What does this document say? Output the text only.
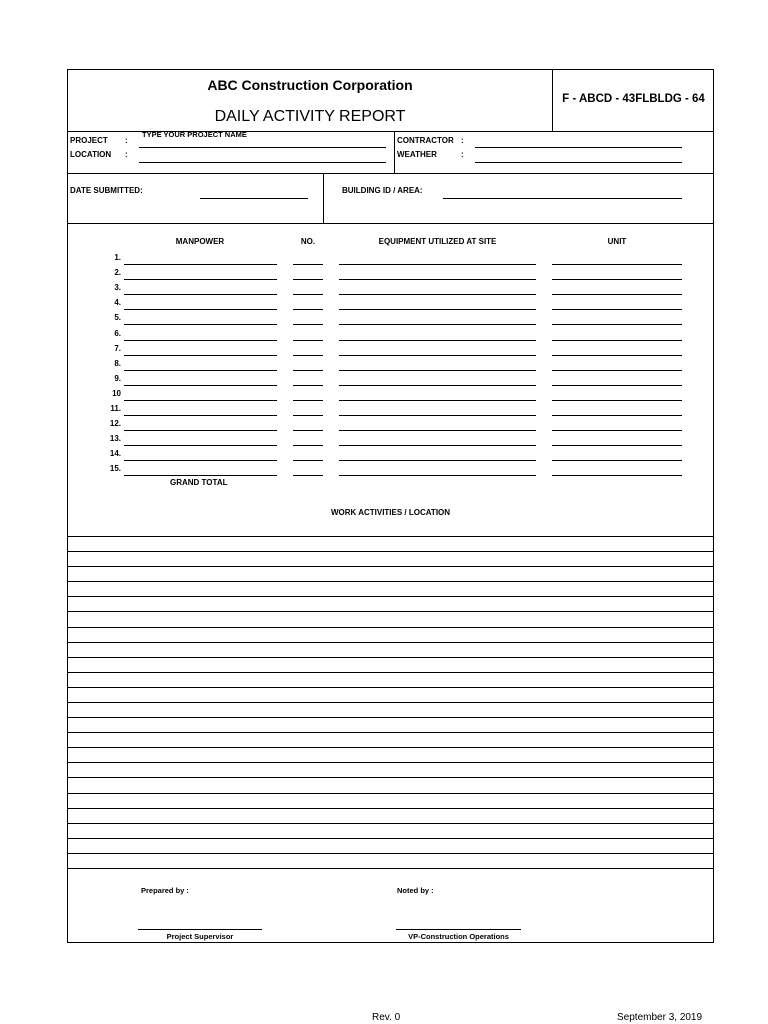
ABC Construction Corporation
DAILY ACTIVITY REPORT
F - ABCD - 43FLBLDG - 64
PROJECT :
TYPE YOUR PROJECT NAME
LOCATION :
CONTRACTOR :
WEATHER	:
DATE SUBMITTED:	BUILDING ID / AREA:
MANPOWER	NO.	EQUIPMENT UTILIZED AT SITE	UNIT
1.
2.
3.
4.
5.
6.
7.
8.
9.
10
11.
12.
13.
14.
15.
GRAND TOTAL
WORK ACTIVITIES / LOCATION
Prepared by :	Noted by :
Project Supervisor	VP-Construction Operations
Rev. 0	September 3, 2019
